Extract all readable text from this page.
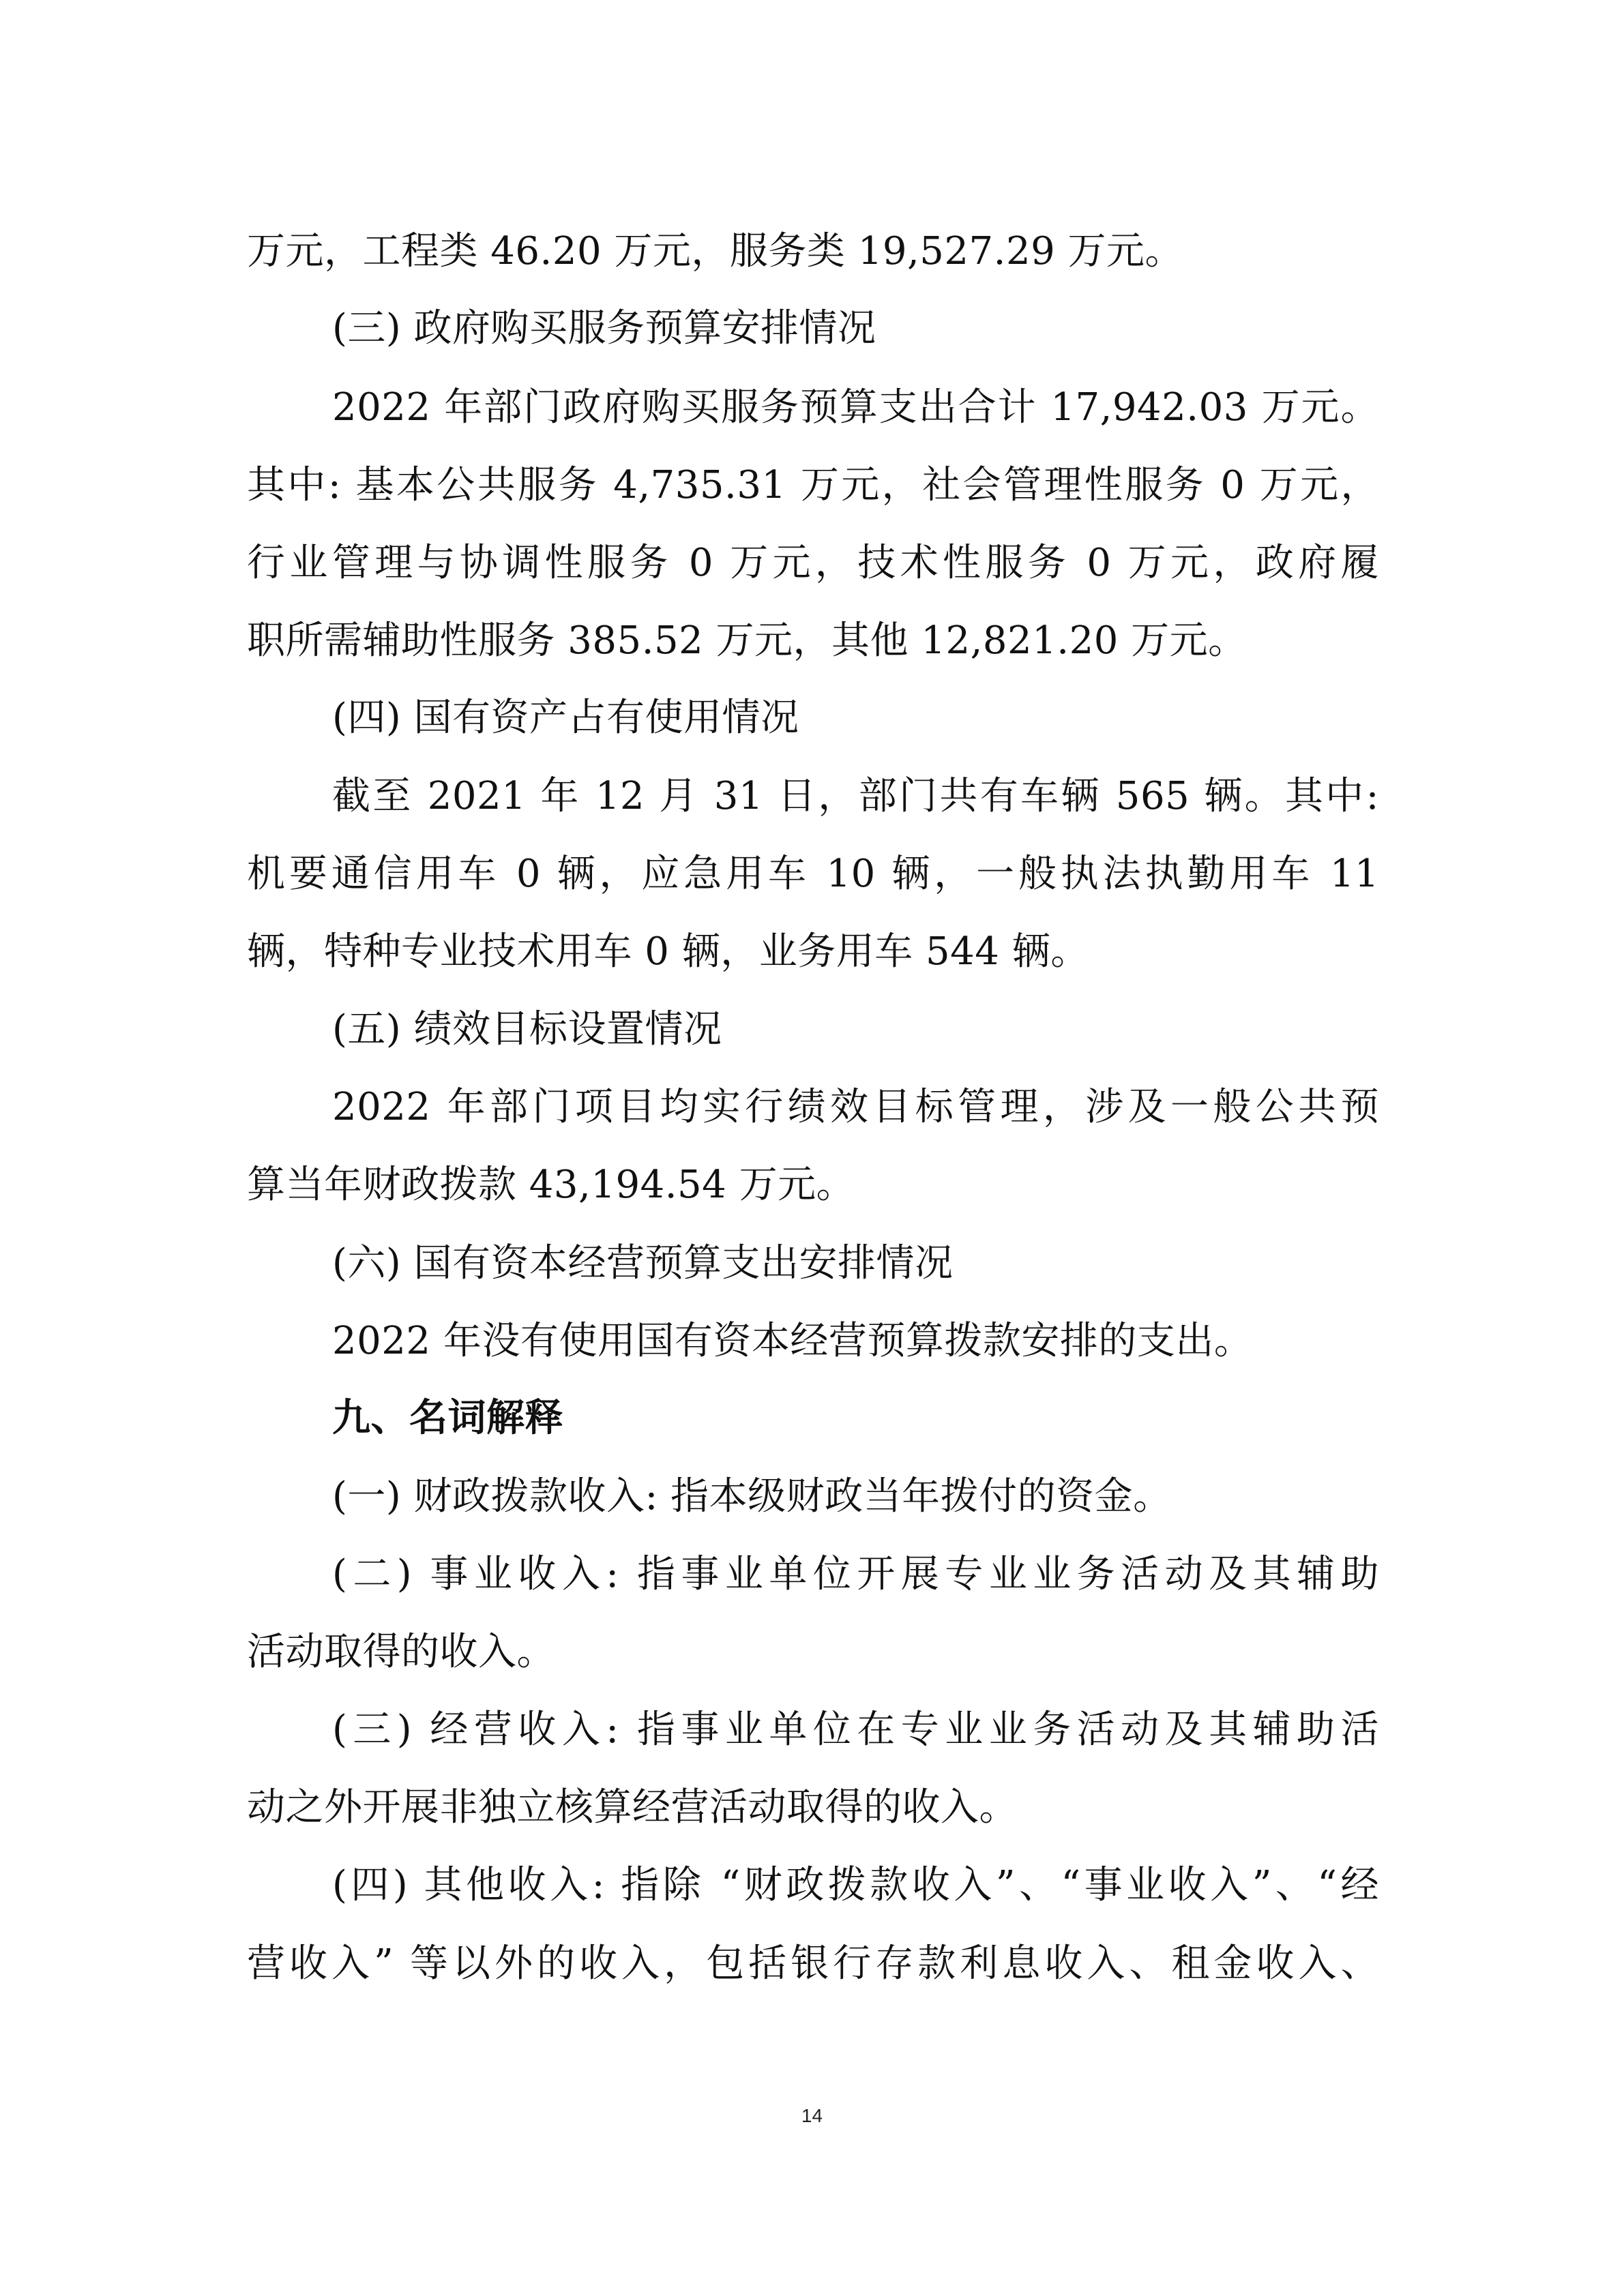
万元，工程类 46.20 万元，服务类 19,527.29 万元。
(三) 政府购买服务预算安排情况
2022 年部门政府购买服务预算支出合计 17,942.03 万元。
其中: 基本公共服务 4,735.31 万元，社会管理性服务 0 万元，
行业管理与协调性服务 0 万元，技术性服务 0 万元，政府履
职所需辅助性服务 385.52 万元，其他 12,821.20 万元。
(四) 国有资产占有使用情况
截至 2021 年 12 月 31 日，部门共有车辆 565 辆。其中:
机要通信用车 0 辆，应急用车 10 辆，一般执法执勤用车 11
辆，特种专业技术用车 0 辆，业务用车 544 辆。
(五) 绩效目标设置情况
2022 年部门项目均实行绩效目标管理，涉及一般公共预
算当年财政拨款 43,194.54 万元。
(六) 国有资本经营预算支出安排情况
2022 年没有使用国有资本经营预算拨款安排的支出。
九、名词解释
(一) 财政拨款收入: 指本级财政当年拨付的资金。
(二) 事业收入: 指事业单位开展专业业务活动及其辅助
活动取得的收入。
(三) 经营收入: 指事业单位在专业业务活动及其辅助活
动之外开展非独立核算经营活动取得的收入。
(四) 其他收入: 指除 “财政拨款收入”、“事业收入”、“经
营收入” 等以外的收入，包括银行存款利息收入、租金收入、
14
